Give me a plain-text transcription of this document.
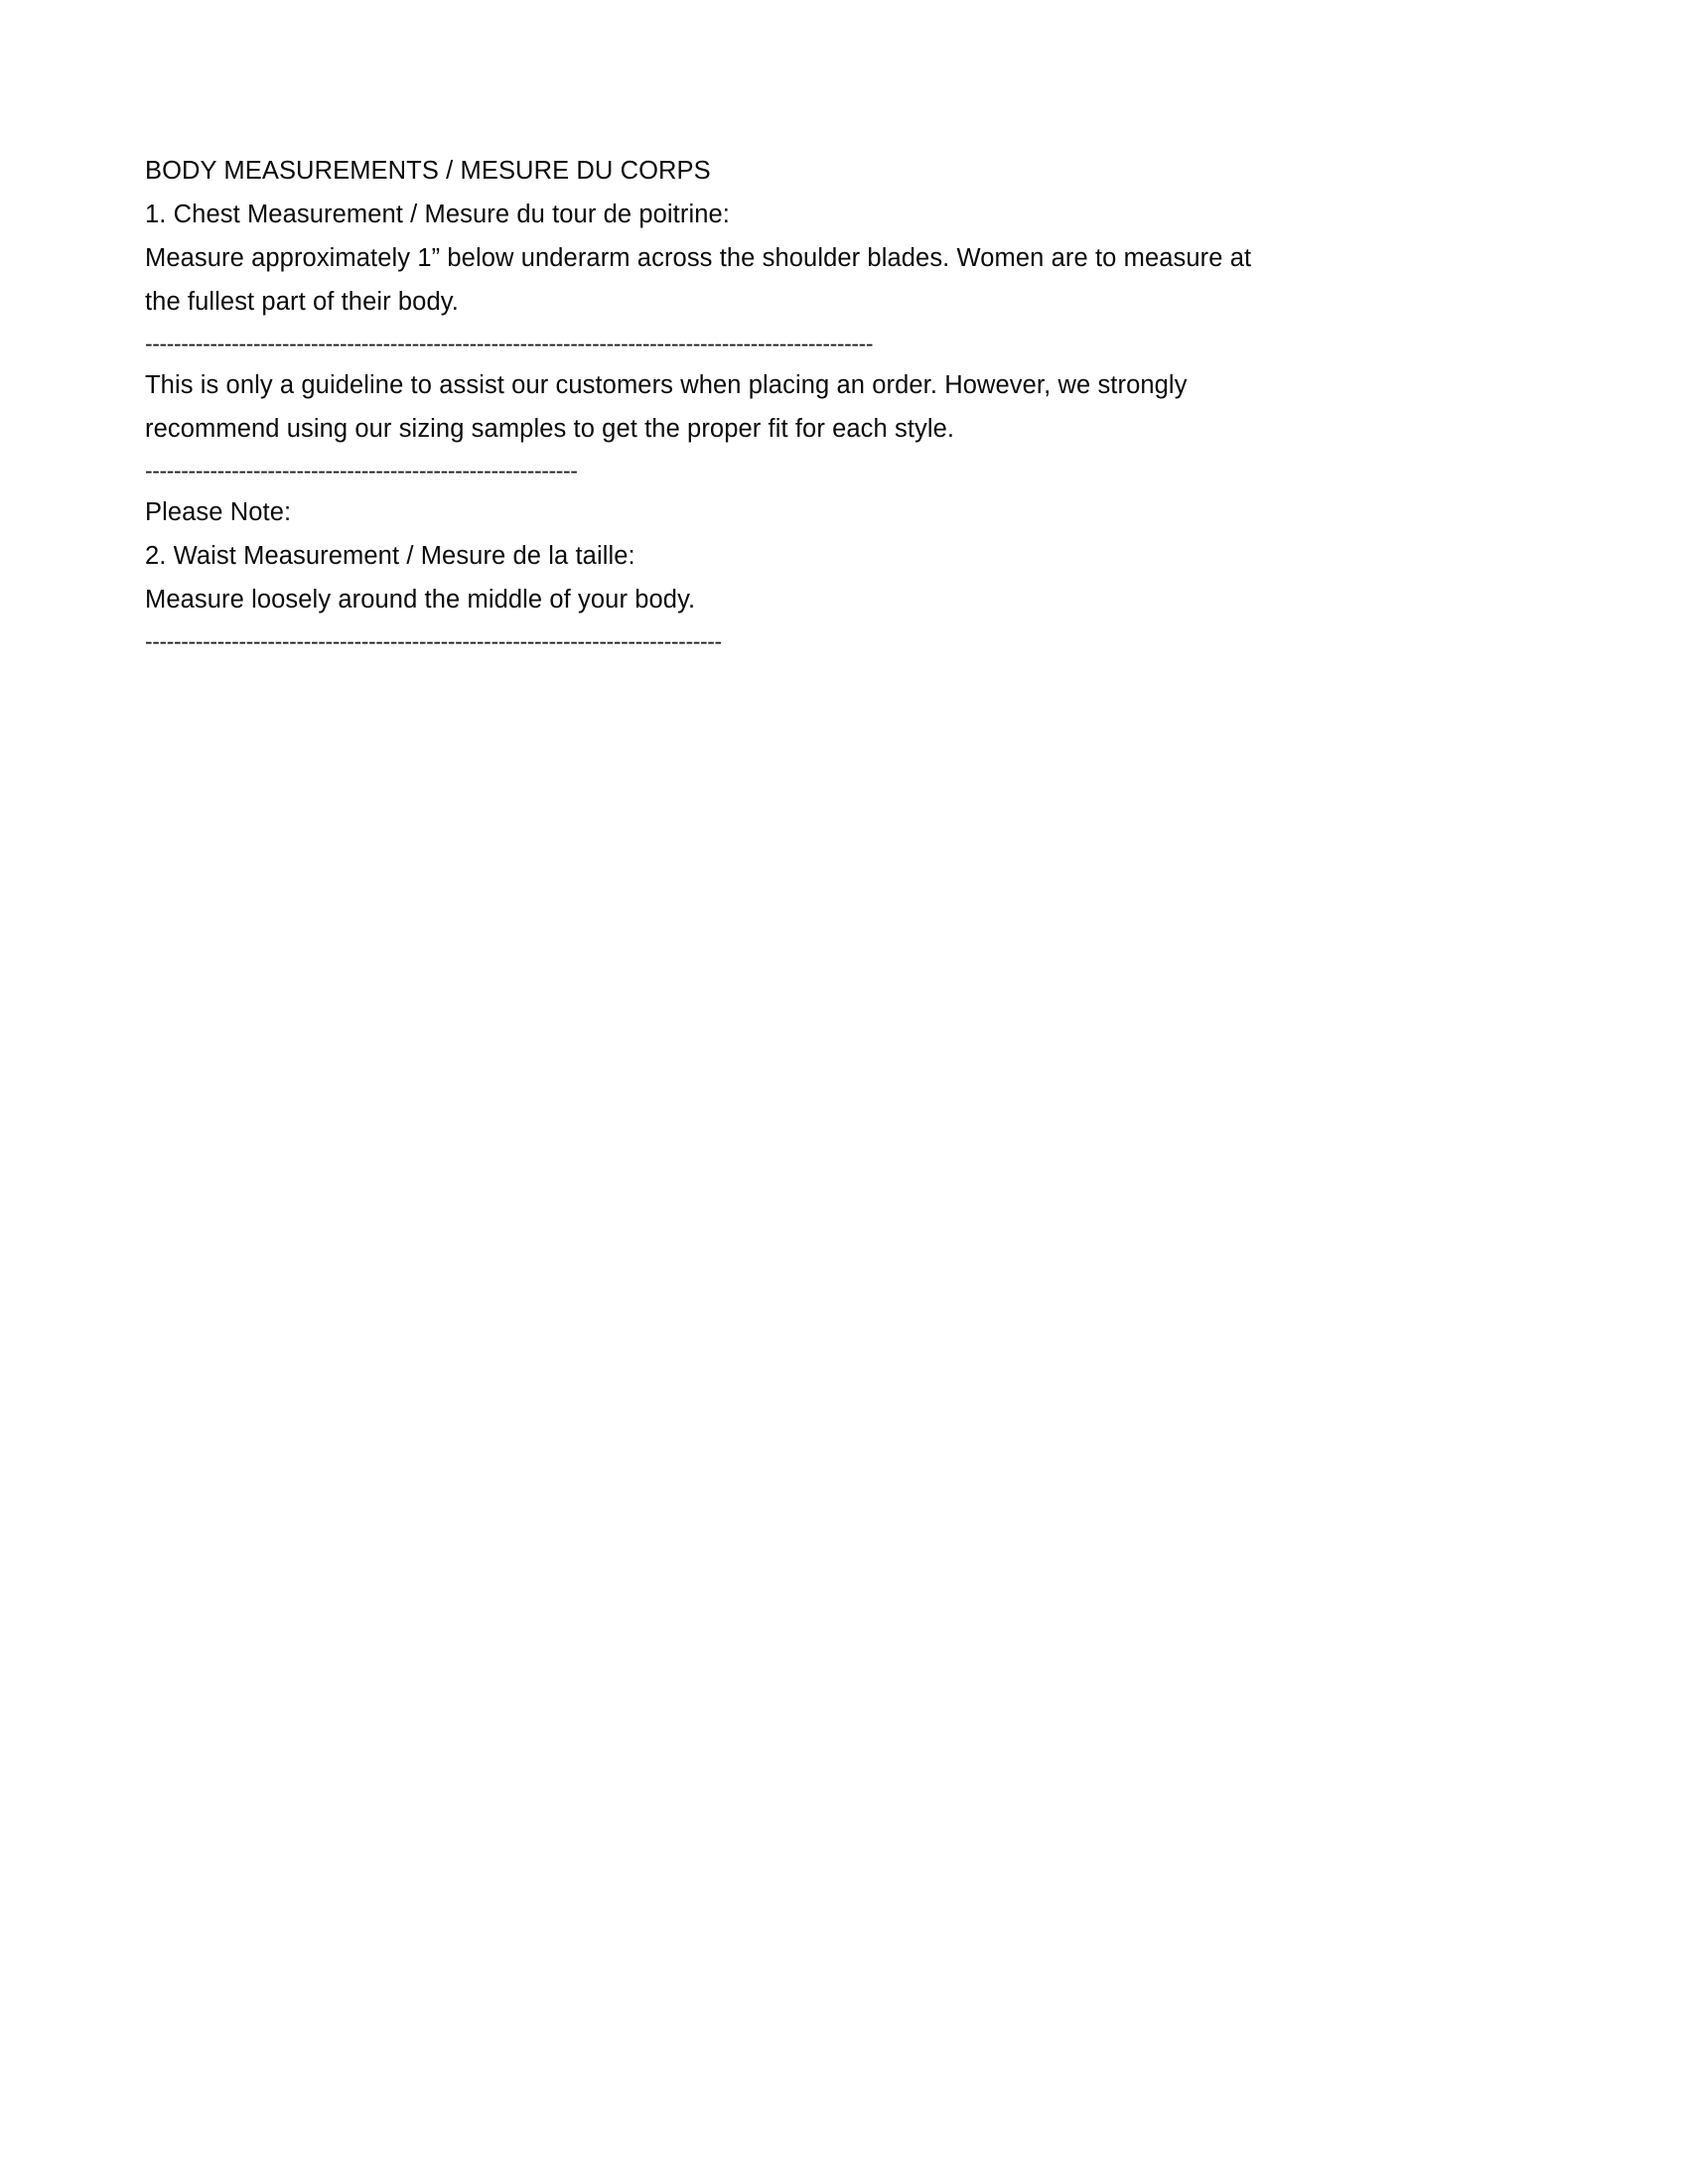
BODY MEASUREMENTS / MESURE DU CORPS
1. Chest Measurement / Mesure du tour de poitrine:
Measure approximately 1” below underarm across the shoulder blades. Women are to measure at the fullest part of their body.
-----------------------------------------------------------------------------------------------------
This is only a guideline to assist our customers when placing an order. However, we strongly recommend using our sizing samples to get the proper fit for each style.
------------------------------------------------------------
Please Note:
2. Waist Measurement / Mesure de la taille:
Measure loosely around the middle of your body.
--------------------------------------------------------------------------------
